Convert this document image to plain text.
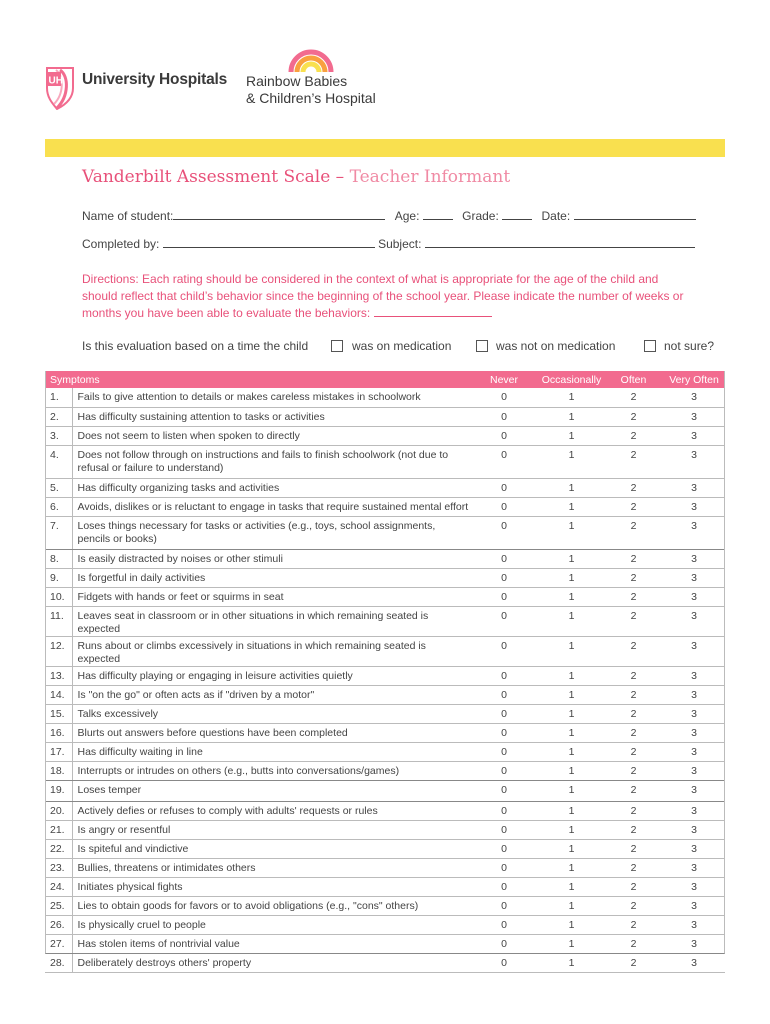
UH University Hospitals Rainbow Babies
& Children’s Hospital
Vanderbilt Assessment Scale – Teacher Informant
Name of student:	Age:	Grade:	Date:
Completed by:	Subject:
Directions: Each rating should be considered in the context of what is appropriate for the age of the child and should reflect that child’s behavior since the beginning of the school year. Please indicate the number of weeks or months you have been able to evaluate the behaviors:
Is this evaluation based on a time the child	was on medication	was not on medication	not sure?
Symptoms		Never	Occasionally	Often	Very Often
1.	Fails to give attention to details or makes careless mistakes in schoolwork	0	1	2	3
2.	Has difficulty sustaining attention to tasks or activities	0	1	2	3
3.	Does not seem to listen when spoken to directly	0	1	2	3
4.	Does not follow through on instructions and fails to finish schoolwork (not due to refusal or failure to understand)	0	1	2	3
5.	Has difficulty organizing tasks and activities	0	1	2	3
6.	Avoids, dislikes or is reluctant to engage in tasks that require sustained mental effort	0	1	2	3
7.	Loses things necessary for tasks or activities (e.g., toys, school assignments, pencils or books)	0	1	2	3
8.	Is easily distracted by noises or other stimuli	0	1	2	3
9.	Is forgetful in daily activities	0	1	2	3
10.	Fidgets with hands or feet or squirms in seat	0	1	2	3
11.	Leaves seat in classroom or in other situations in which remaining seated is expected	0	1	2	3
12.	Runs about or climbs excessively in situations in which remaining seated is expected	0	1	2	3
13.	Has difficulty playing or engaging in leisure activities quietly	0	1	2	3
14.	Is "on the go" or often acts as if "driven by a motor"	0	1	2	3
15.	Talks excessively	0	1	2	3
16.	Blurts out answers before questions have been completed	0	1	2	3
17.	Has difficulty waiting in line	0	1	2	3
18.	Interrupts or intrudes on others (e.g., butts into conversations/games)	0	1	2	3
19.	Loses temper	0	1	2	3
20.	Actively defies or refuses to comply with adults' requests or rules	0	1	2	3
21.	Is angry or resentful	0	1	2	3
22.	Is spiteful and vindictive	0	1	2	3
23.	Bullies, threatens or intimidates others	0	1	2	3
24.	Initiates physical fights	0	1	2	3
25.	Lies to obtain goods for favors or to avoid obligations (e.g., "cons" others)	0	1	2	3
26.	Is physically cruel to people	0	1	2	3
27.	Has stolen items of nontrivial value	0	1	2	3
28.	Deliberately destroys others' property	0	1	2	3
